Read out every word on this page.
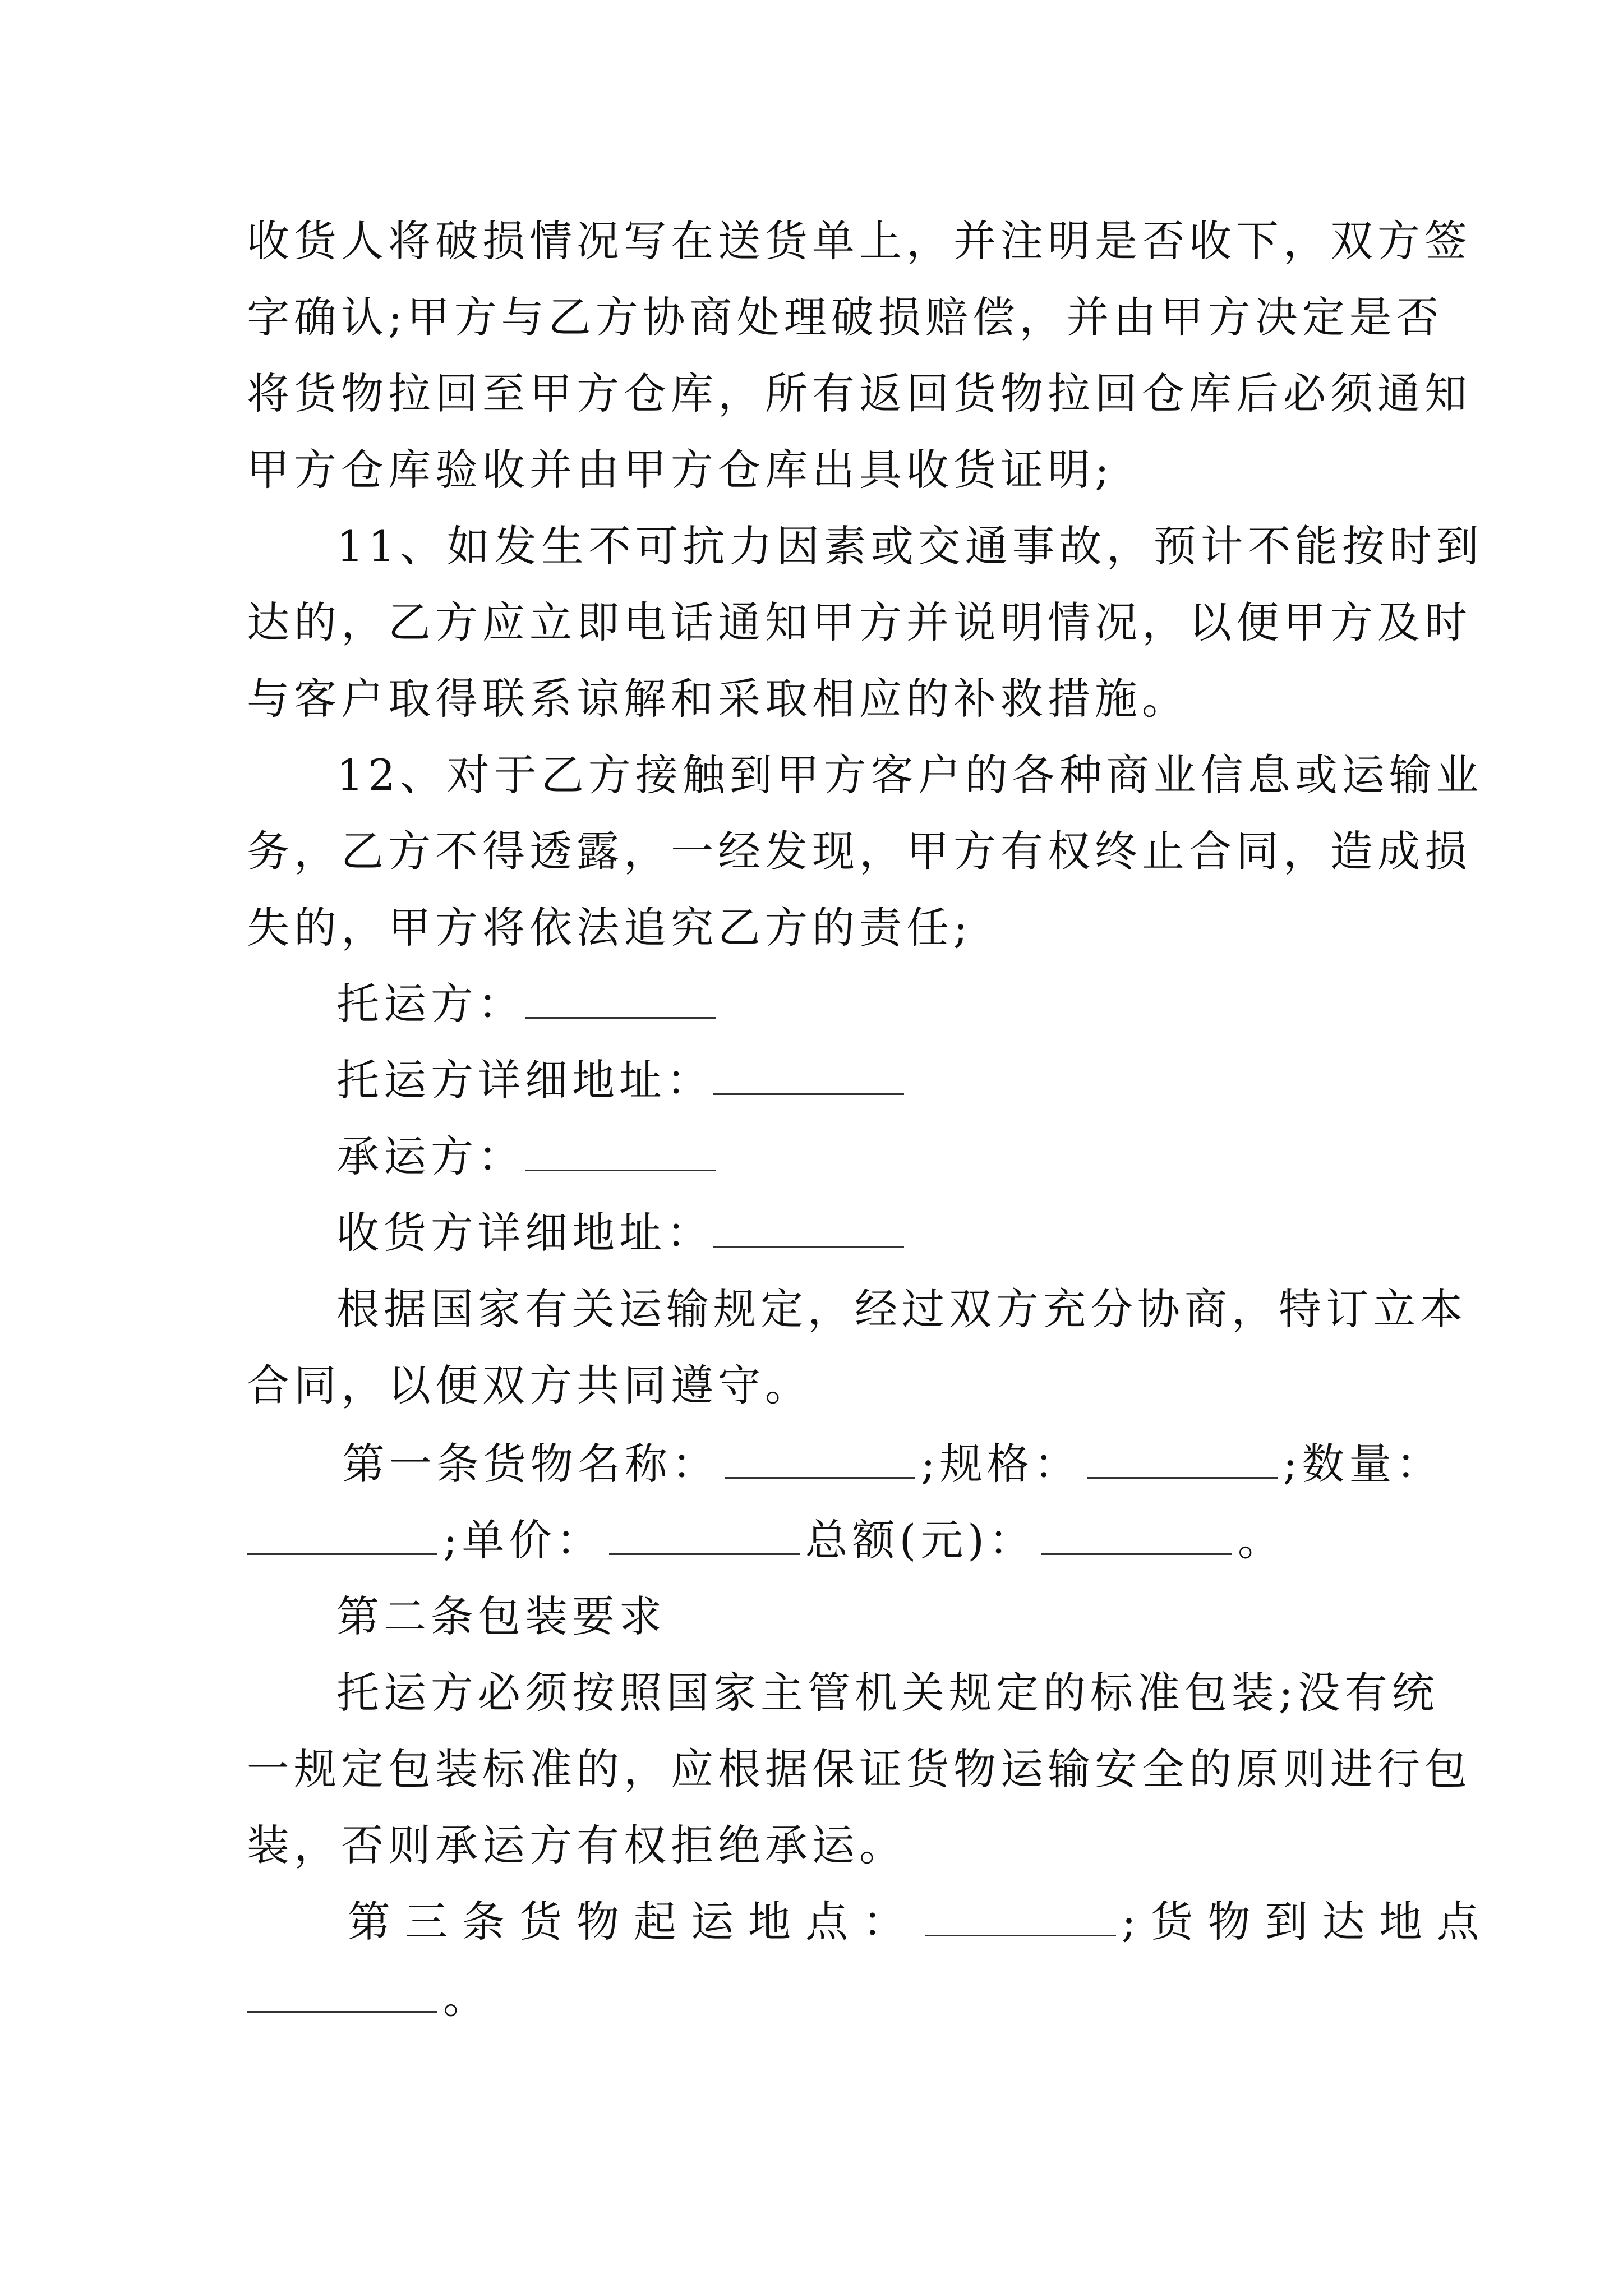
收货人将破损情况写在送货单上，并注明是否收下，双方签
字确认;甲方与乙方协商处理破损赔偿，并由甲方决定是否
将货物拉回至甲方仓库，所有返回货物拉回仓库后必须通知
甲方仓库验收并由甲方仓库出具收货证明;
11、如发生不可抗力因素或交通事故，预计不能按时到
达的，乙方应立即电话通知甲方并说明情况，以便甲方及时
与客户取得联系谅解和采取相应的补救措施。
12、对于乙方接触到甲方客户的各种商业信息或运输业
务，乙方不得透露，一经发现，甲方有权终止合同，造成损
失的，甲方将依法追究乙方的责任;
托运方：
托运方详细地址：
承运方：
收货方详细地址：
根据国家有关运输规定，经过双方充分协商，特订立本
合同，以便双方共同遵守。
第一条货物名称：	;规格：	;数量：
;单价：	总额(元)：	。
第二条包装要求
托运方必须按照国家主管机关规定的标准包装;没有统
一规定包装标准的，应根据保证货物运输安全的原则进行包
装，否则承运方有权拒绝承运。
第三条货物起运地点：	;货物到达地点
。
